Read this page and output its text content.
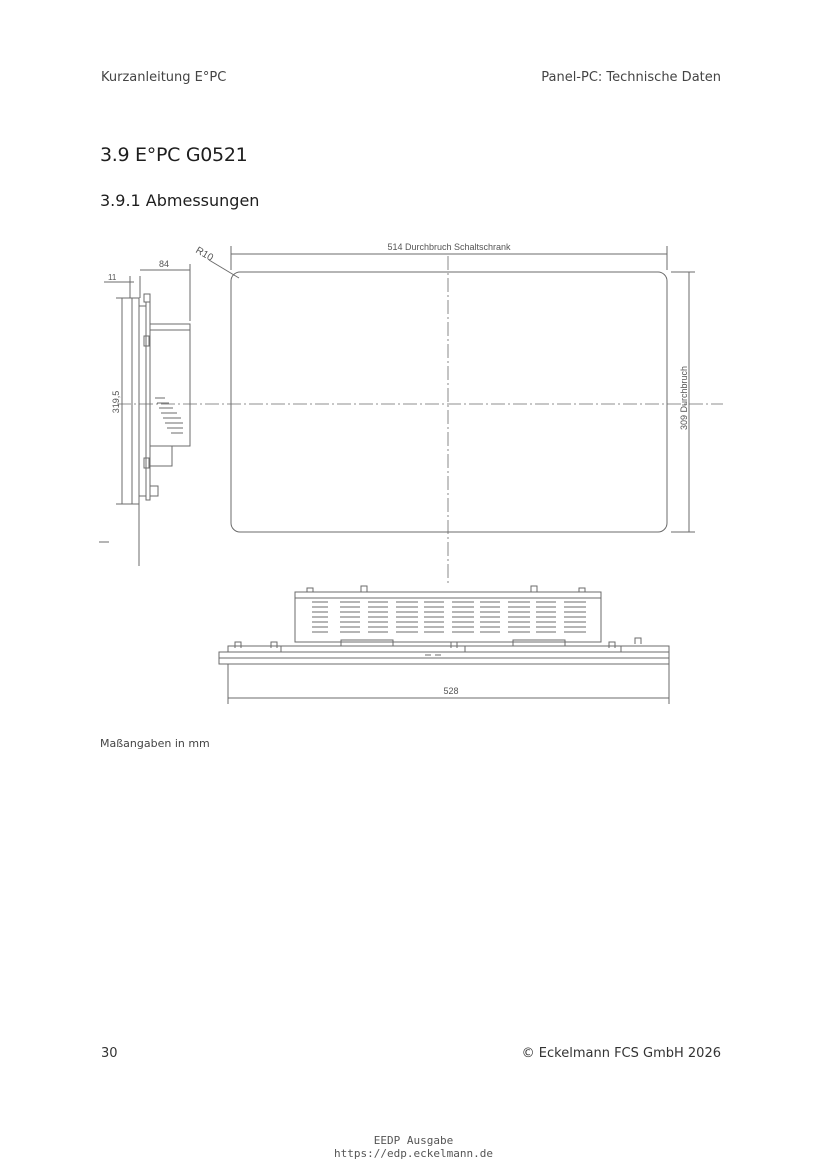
Kurzanleitung E°PC	Panel-PC: Technische Daten
3.9 E°PC G0521
3.9.1 Abmessungen
514 Durchbruch Schaltschrank
R10
11
84
319,5	309 Durchbruch
528
Maßangaben in mm
30	© Eckelmann FCS GmbH 2026
EEDP Ausgabe
https://edp.eckelmann.de
